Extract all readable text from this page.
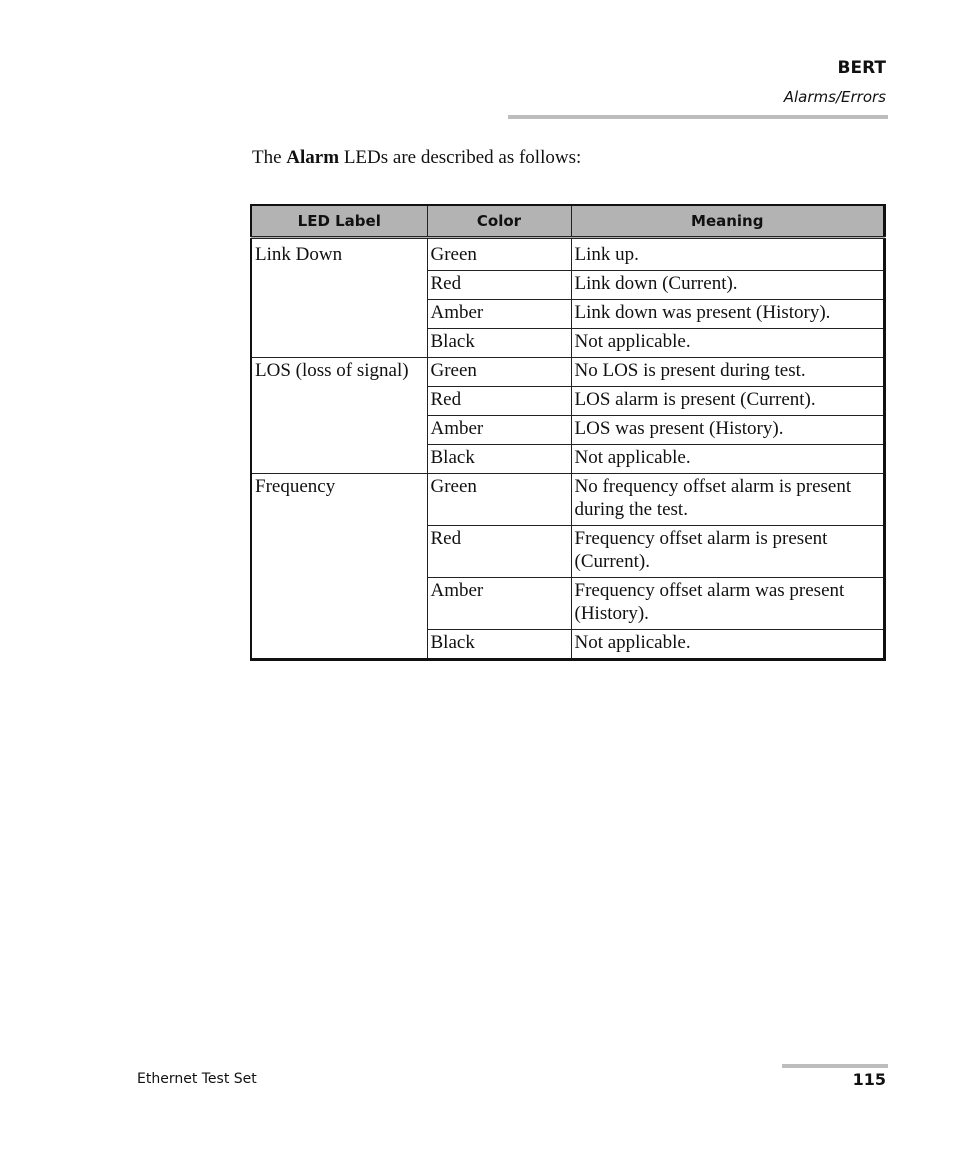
BERT
Alarms/Errors
The Alarm LEDs are described as follows:
LED Label	Color	Meaning
Link Down	Green	Link up.
	Red	Link down (Current).
	Amber	Link down was present (History).
	Black	Not applicable.
LOS (loss of signal)	Green	No LOS is present during test.
	Red	LOS alarm is present (Current).
	Amber	LOS was present (History).
	Black	Not applicable.
Frequency	Green	No frequency offset alarm is present during the test.
	Red	Frequency offset alarm is present (Current).
	Amber	Frequency offset alarm was present (History).
	Black	Not applicable.
Ethernet Test Set	115
